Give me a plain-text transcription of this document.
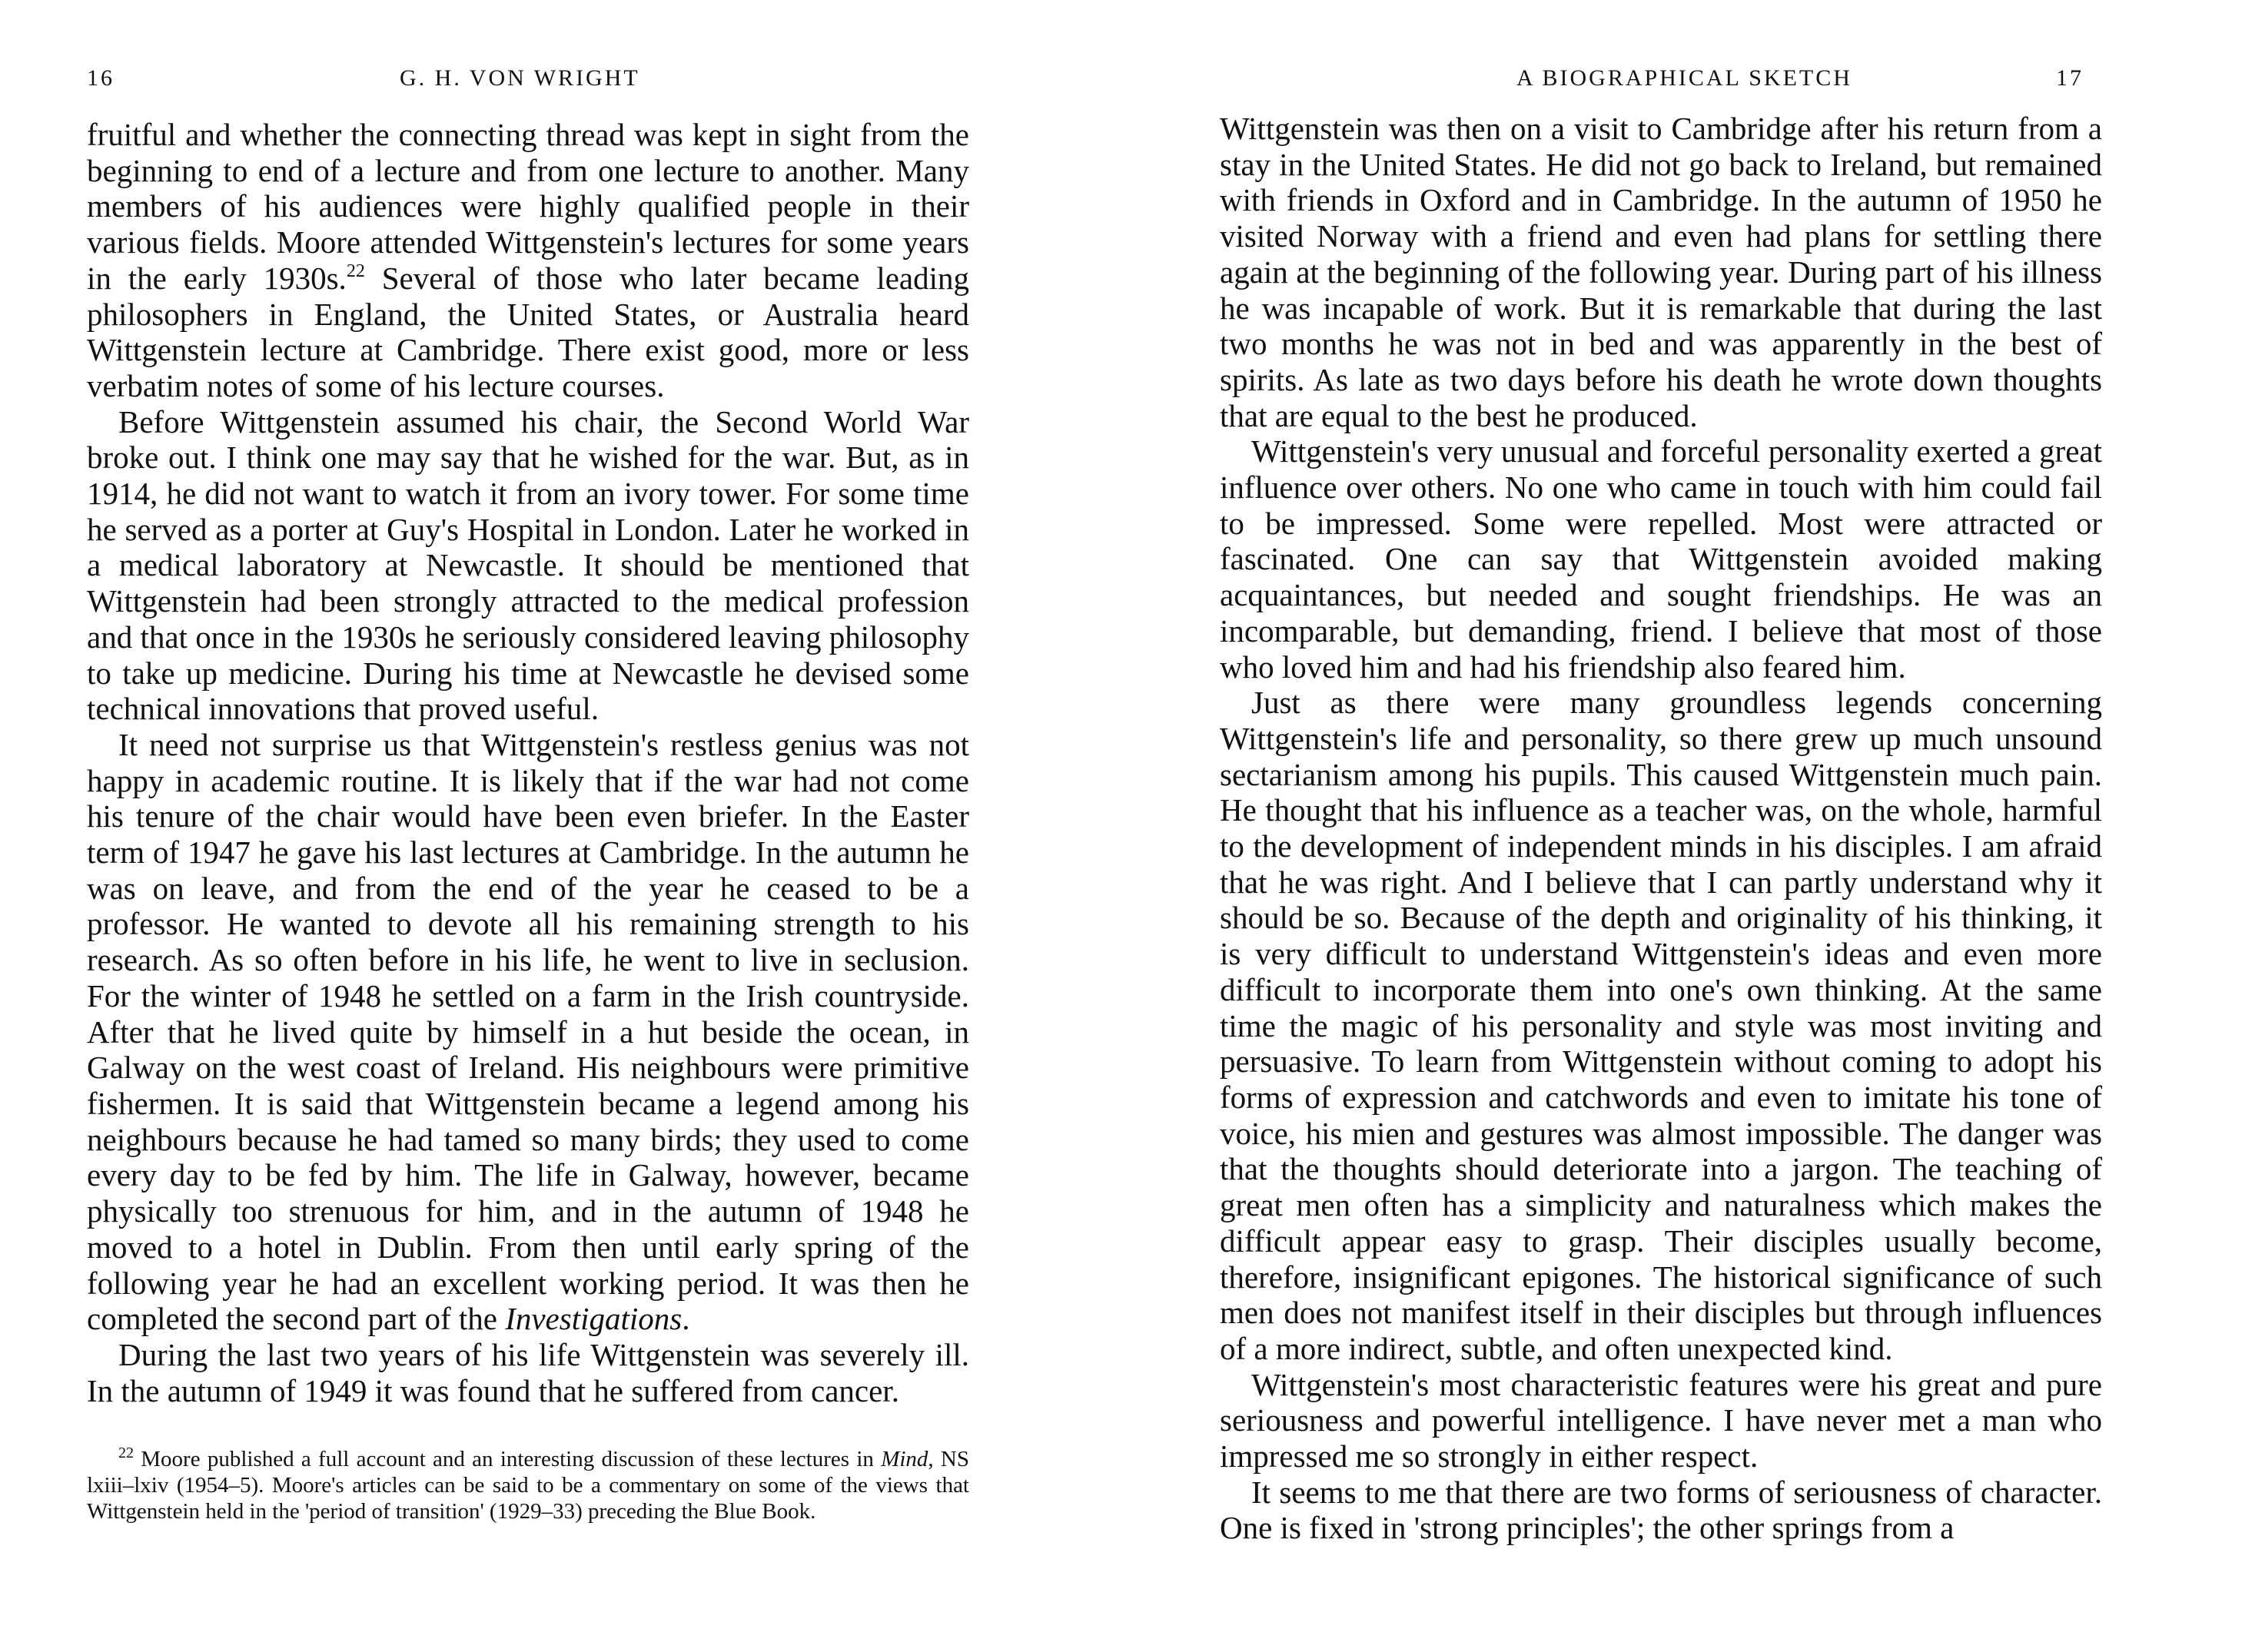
16	G. H. VON WRIGHT

fruitful and whether the connecting thread was kept in sight from the beginning to end of a lecture and from one lecture to another. Many members of his audiences were highly qualified people in their various fields. Moore attended Wittgenstein's lectures for some years in the early 1930s.$^{22}$ Several of those who later became leading philosophers in England, the United States, or Australia heard Wittgenstein lecture at Cambridge. There exist good, more or less verbatim notes of some of his lecture courses.

Before Wittgenstein assumed his chair, the Second World War broke out. I think one may say that he wished for the war. But, as in 1914, he did not want to watch it from an ivory tower. For some time he served as a porter at Guy's Hospital in London. Later he worked in a medical laboratory at Newcastle. It should be mentioned that Wittgenstein had been strongly attracted to the medical profession and that once in the 1930s he seriously considered leaving philosophy to take up medicine. During his time at Newcastle he devised some technical innovations that proved useful.

It need not surprise us that Wittgenstein's restless genius was not happy in academic routine. It is likely that if the war had not come his tenure of the chair would have been even briefer. In the Easter term of 1947 he gave his last lectures at Cambridge. In the autumn he was on leave, and from the end of the year he ceased to be a professor. He wanted to devote all his remaining strength to his research. As so often before in his life, he went to live in seclusion. For the winter of 1948 he settled on a farm in the Irish countryside. After that he lived quite by himself in a hut beside the ocean, in Galway on the west coast of Ireland. His neighbours were primitive fishermen. It is said that Wittgenstein became a legend among his neighbours because he had tamed so many birds; they used to come every day to be fed by him. The life in Galway, however, became physically too strenuous for him, and in the autumn of 1948 he moved to a hotel in Dublin. From then until early spring of the following year he had an excellent working period. It was then he completed the second part of the Investigations.

During the last two years of his life Wittgenstein was severely ill. In the autumn of 1949 it was found that he suffered from cancer.

$^{22}$ Moore published a full account and an interesting discussion of these lectures in Mind, NS lxiii–lxiv (1954–5). Moore's articles can be said to be a commentary on some of the views that Wittgenstein held in the 'period of transition' (1929–33) preceding the Blue Book.
A BIOGRAPHICAL SKETCH	17

Wittgenstein was then on a visit to Cambridge after his return from a stay in the United States. He did not go back to Ireland, but remained with friends in Oxford and in Cambridge. In the autumn of 1950 he visited Norway with a friend and even had plans for settling there again at the beginning of the following year. During part of his illness he was incapable of work. But it is remarkable that during the last two months he was not in bed and was apparently in the best of spirits. As late as two days before his death he wrote down thoughts that are equal to the best he produced.

Wittgenstein's very unusual and forceful personality exerted a great influence over others. No one who came in touch with him could fail to be impressed. Some were repelled. Most were attracted or fascinated. One can say that Wittgenstein avoided making acquaintances, but needed and sought friendships. He was an incomparable, but demanding, friend. I believe that most of those who loved him and had his friendship also feared him.

Just as there were many groundless legends concerning Wittgenstein's life and personality, so there grew up much unsound sectarianism among his pupils. This caused Wittgenstein much pain. He thought that his influence as a teacher was, on the whole, harmful to the development of independent minds in his disciples. I am afraid that he was right. And I believe that I can partly understand why it should be so. Because of the depth and originality of his thinking, it is very difficult to understand Wittgenstein's ideas and even more difficult to incorporate them into one's own thinking. At the same time the magic of his personality and style was most inviting and persuasive. To learn from Wittgenstein without coming to adopt his forms of expression and catchwords and even to imitate his tone of voice, his mien and gestures was almost impossible. The danger was that the thoughts should deteriorate into a jargon. The teaching of great men often has a simplicity and naturalness which makes the difficult appear easy to grasp. Their disciples usually become, therefore, insignificant epigones. The historical significance of such men does not manifest itself in their disciples but through influences of a more indirect, subtle, and often unexpected kind.

Wittgenstein's most characteristic features were his great and pure seriousness and powerful intelligence. I have never met a man who impressed me so strongly in either respect.

It seems to me that there are two forms of seriousness of character. One is fixed in 'strong principles'; the other springs from a
